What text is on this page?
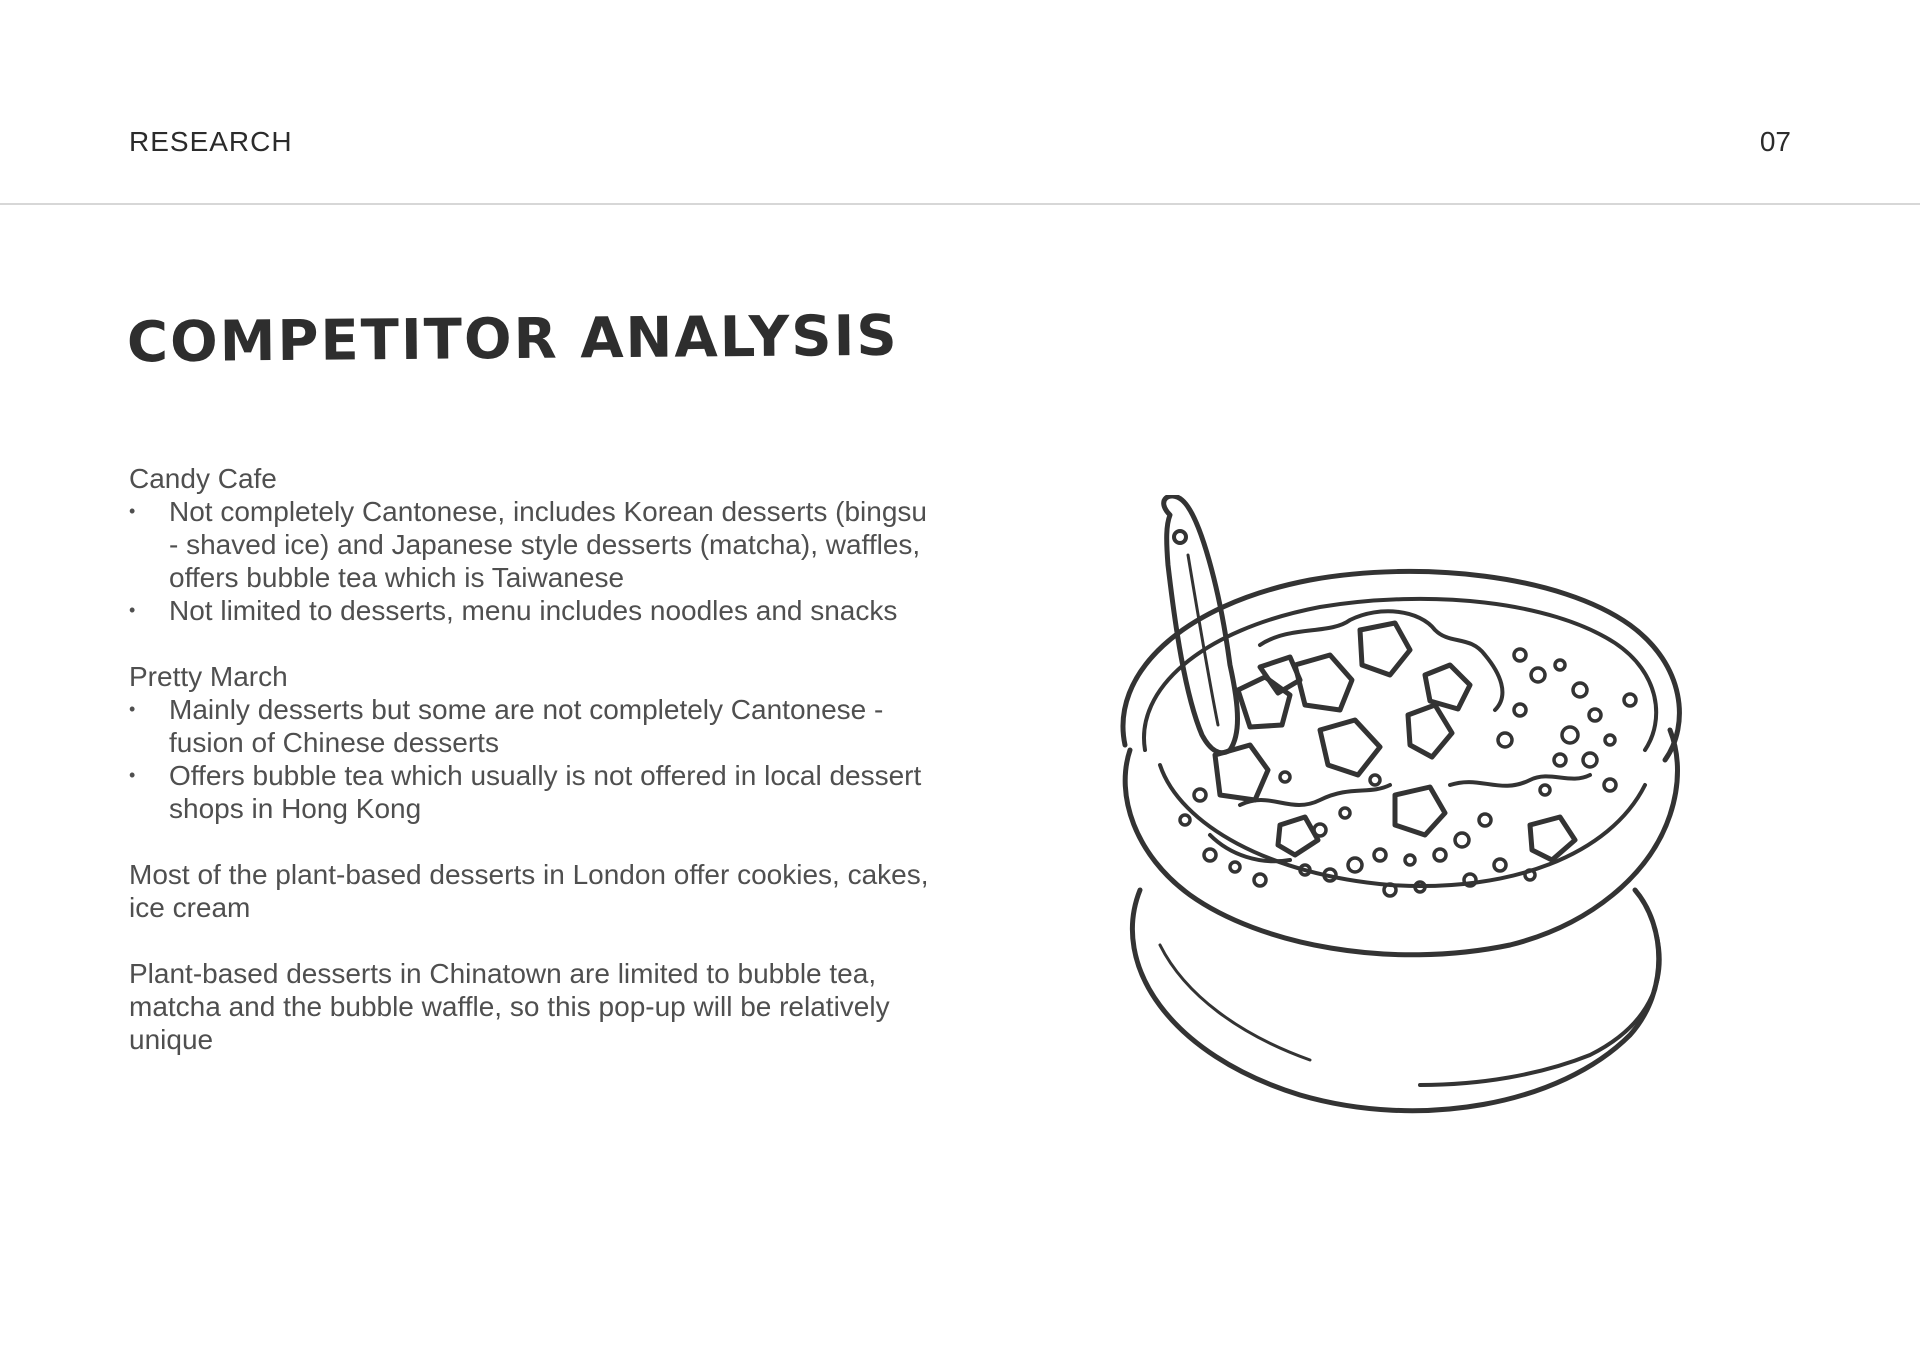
RESEARCH	07
COMPETITOR ANALYSIS
Candy Cafe
• Not completely Cantonese, includes Korean desserts (bingsu - shaved ice) and Japanese style desserts (matcha), waffles, offers bubble tea which is Taiwanese
• Not limited to desserts, menu includes noodles and snacks
Pretty March
• Mainly desserts but some are not completely Cantonese - fusion of Chinese desserts
• Offers bubble tea which usually is not offered in local dessert shops in Hong Kong

Most of the plant-based desserts in London offer cookies, cakes, ice cream

Plant-based desserts in Chinatown are limited to bubble tea, matcha and the bubble waffle, so this pop-up will be relatively unique
